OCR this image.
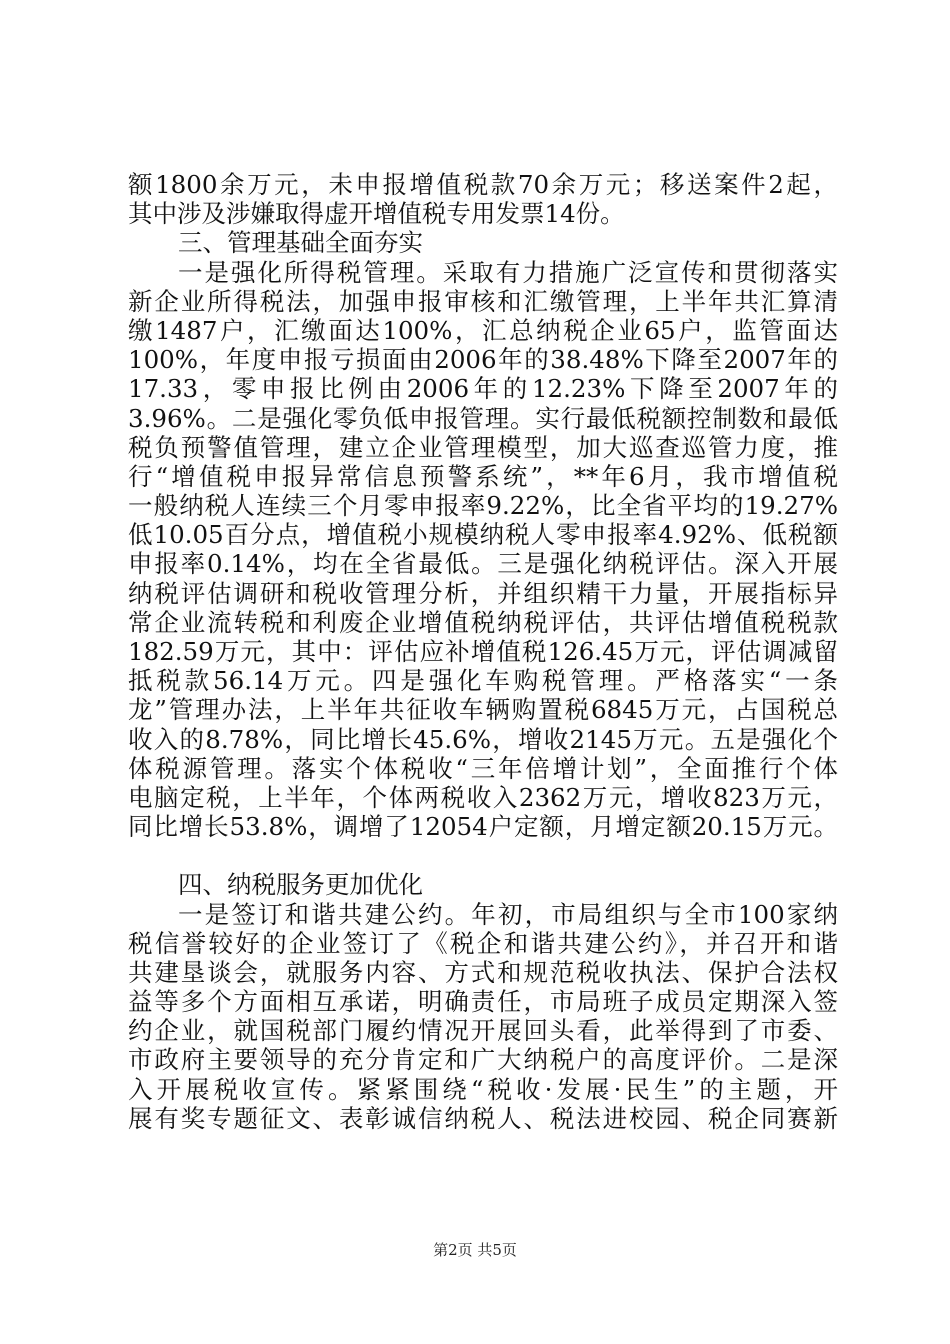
额1800余万元，未申报增值税款70余万元；移送案件2起，
其中涉及涉嫌取得虚开增值税专用发票14份。
三、管理基础全面夯实
一是强化所得税管理。采取有力措施广泛宣传和贯彻落实
新企业所得税法，加强申报审核和汇缴管理，上半年共汇算清
缴1487户，汇缴面达100%，汇总纳税企业65户，监管面达
100%，年度申报亏损面由2006年的38.48%下降至2007年的
17.33，零申报比例由2006年的12.23%下降至2007年的
3.96%。二是强化零负低申报管理。实行最低税额控制数和最低
税负预警值管理，建立企业管理模型，加大巡查巡管力度，推
行“增值税申报异常信息预警系统”，**年6月，我市增值税
一般纳税人连续三个月零申报率9.22%，比全省平均的19.27%
低10.05百分点，增值税小规模纳税人零申报率4.92%、低税额
申报率0.14%，均在全省最低。三是强化纳税评估。深入开展
纳税评估调研和税收管理分析，并组织精干力量，开展指标异
常企业流转税和利废企业增值税纳税评估，共评估增值税税款
182.59万元，其中：评估应补增值税126.45万元，评估调减留
抵税款56.14万元。四是强化车购税管理。严格落实“一条
龙”管理办法，上半年共征收车辆购置税6845万元，占国税总
收入的8.78%，同比增长45.6%，增收2145万元。五是强化个
体税源管理。落实个体税收“三年倍增计划”，全面推行个体
电脑定税，上半年，个体两税收入2362万元，增收823万元，
同比增长53.8%，调增了12054户定额，月增定额20.15万元。
四、纳税服务更加优化
一是签订和谐共建公约。年初，市局组织与全市100家纳
税信誉较好的企业签订了《税企和谐共建公约》，并召开和谐
共建垦谈会，就服务内容、方式和规范税收执法、保护合法权
益等多个方面相互承诺，明确责任，市局班子成员定期深入签
约企业，就国税部门履约情况开展回头看，此举得到了市委、
市政府主要领导的充分肯定和广大纳税户的高度评价。二是深
入开展税收宣传。紧紧围绕“税收·发展·民生”的主题，开
展有奖专题征文、表彰诚信纳税人、税法进校园、税企同赛新
第2页 共5页
